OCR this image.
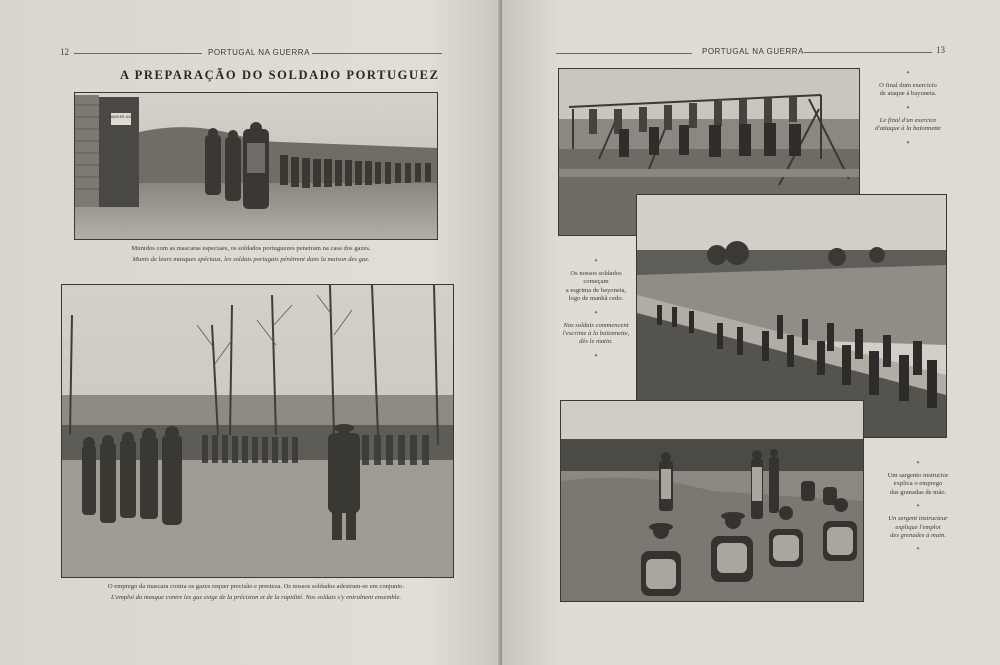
12	PORTUGAL NA GUERRA
A PREPARAÇÃO DO SOLDADO PORTUGUEZ
DANGER GAS
Munidos com as mascaras especiaes, os soldados portuguezes penetram na casa dos gazes.
Munis de leurs masques spéciaux, les soldats portugais pénètrent dans la maison des gaz.
O emprego da mascara contra os gazes requer precisão e presteza. Os nossos soldados adestram-se em conjunto.
L'emploi du masque contre les gaz exige de la précision et de la rapidité. Nos soldats s'y entraînent ensemble.
PORTUGAL NA GUERRA	13
✦
O final dum exercicio
de ataque á bayoneta.
✦
Le final d'un exercice
d'attaque à la baïonnette
✦
✦
Os nossos soldados
começam
a esgrima de bayoneta,
logo de manhã cedo.
✦
Nos soldats commencent
l'escrime à la baïonnette,
dès le matin.
✦
✦
Um sargento instructor
explica o emprego
das granadas de mão.
✦
Un sergent instructeur
explique l'emploi
des grenades à main.
✦
